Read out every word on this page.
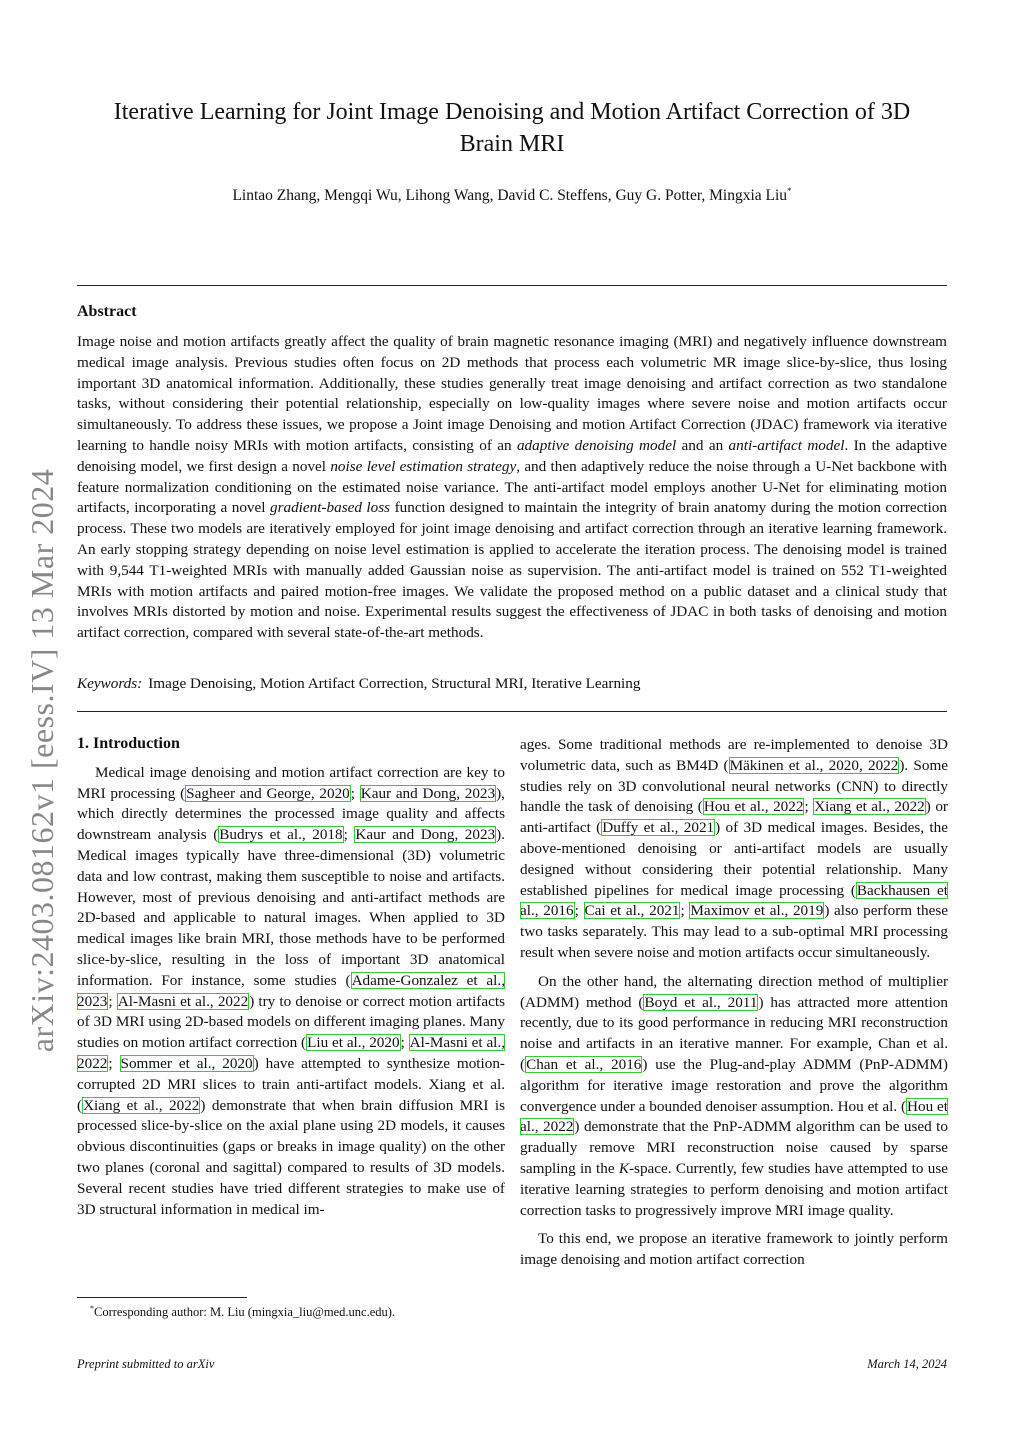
arXiv:2403.08162v1 [eess.IV] 13 Mar 2024
Iterative Learning for Joint Image Denoising and Motion Artifact Correction of 3D Brain MRI
Lintao Zhang, Mengqi Wu, Lihong Wang, David C. Steffens, Guy G. Potter, Mingxia Liu*
Abstract

Image noise and motion artifacts greatly affect the quality of brain magnetic resonance imaging (MRI) and negatively influence downstream medical image analysis. Previous studies often focus on 2D methods that process each volumetric MR image slice-by-slice, thus losing important 3D anatomical information. Additionally, these studies generally treat image denoising and artifact correction as two standalone tasks, without considering their potential relationship, especially on low-quality images where severe noise and motion artifacts occur simultaneously. To address these issues, we propose a Joint image Denoising and motion Artifact Correction (JDAC) framework via iterative learning to handle noisy MRIs with motion artifacts, consisting of an adaptive denoising model and an anti-artifact model. In the adaptive denoising model, we first design a novel noise level estimation strategy, and then adaptively reduce the noise through a U-Net backbone with feature normalization conditioning on the estimated noise variance. The anti-artifact model employs another U-Net for eliminating motion artifacts, incorporating a novel gradient-based loss function designed to maintain the integrity of brain anatomy during the motion correction process. These two models are iteratively employed for joint image denoising and artifact correction through an iterative learning framework. An early stopping strategy depending on noise level estimation is applied to accelerate the iteration process. The denoising model is trained with 9,544 T1-weighted MRIs with manually added Gaussian noise as supervision. The anti-artifact model is trained on 552 T1-weighted MRIs with motion artifacts and paired motion-free images. We validate the proposed method on a public dataset and a clinical study that involves MRIs distorted by motion and noise. Experimental results suggest the effectiveness of JDAC in both tasks of denoising and motion artifact correction, compared with several state-of-the-art methods.

Keywords: Image Denoising, Motion Artifact Correction, Structural MRI, Iterative Learning

1. Introduction

Medical image denoising and motion artifact correction are key to MRI processing (Sagheer and George, 2020; Kaur and Dong, 2023), which directly determines the processed image quality and affects downstream analysis (Budrys et al., 2018; Kaur and Dong, 2023). Medical images typically have three-dimensional (3D) volumetric data and low contrast, making them susceptible to noise and artifacts. However, most of previous denoising and anti-artifact methods are 2D-based and applicable to natural images. When applied to 3D medical images like brain MRI, those methods have to be performed slice-by-slice, resulting in the loss of important 3D anatomical information. For instance, some studies (Adame-Gonzalez et al., 2023; Al-Masni et al., 2022) try to denoise or correct motion artifacts of 3D MRI using 2D-based models on different imaging planes. Many studies on motion artifact correction (Liu et al., 2020; Al-Masni et al., 2022; Sommer et al., 2020) have attempted to synthesize motion-corrupted 2D MRI slices to train anti-artifact models. Xiang et al. (Xiang et al., 2022) demonstrate that when brain diffusion MRI is processed slice-by-slice on the axial plane using 2D models, it causes obvious discontinuities (gaps or breaks in image quality) on the other two planes (coronal and sagittal) compared to results of 3D models. Several recent studies have tried different strategies to make use of 3D structural information in medical im-

ages. Some traditional methods are re-implemented to denoise 3D volumetric data, such as BM4D (Mäkinen et al., 2020, 2022). Some studies rely on 3D convolutional neural networks (CNN) to directly handle the task of denoising (Hou et al., 2022; Xiang et al., 2022) or anti-artifact (Duffy et al., 2021) of 3D medical images. Besides, the above-mentioned denoising or anti-artifact models are usually designed without considering their potential relationship. Many established pipelines for medical image processing (Backhausen et al., 2016; Cai et al., 2021; Maximov et al., 2019) also perform these two tasks separately. This may lead to a sub-optimal MRI processing result when severe noise and motion artifacts occur simultaneously.

On the other hand, the alternating direction method of multiplier (ADMM) method (Boyd et al., 2011) has attracted more attention recently, due to its good performance in reducing MRI reconstruction noise and artifacts in an iterative manner. For example, Chan et al. (Chan et al., 2016) use the Plug-and-play ADMM (PnP-ADMM) algorithm for iterative image restoration and prove the algorithm convergence under a bounded denoiser assumption. Hou et al. (Hou et al., 2022) demonstrate that the PnP-ADMM algorithm can be used to gradually remove MRI reconstruction noise caused by sparse sampling in the K-space. Currently, few studies have attempted to use iterative learning strategies to perform denoising and motion artifact correction tasks to progressively improve MRI image quality.

To this end, we propose an iterative framework to jointly perform image denoising and motion artifact correction

*Corresponding author: M. Liu (mingxia_liu@med.unc.edu).
Preprint submitted to arXiv	March 14, 2024
